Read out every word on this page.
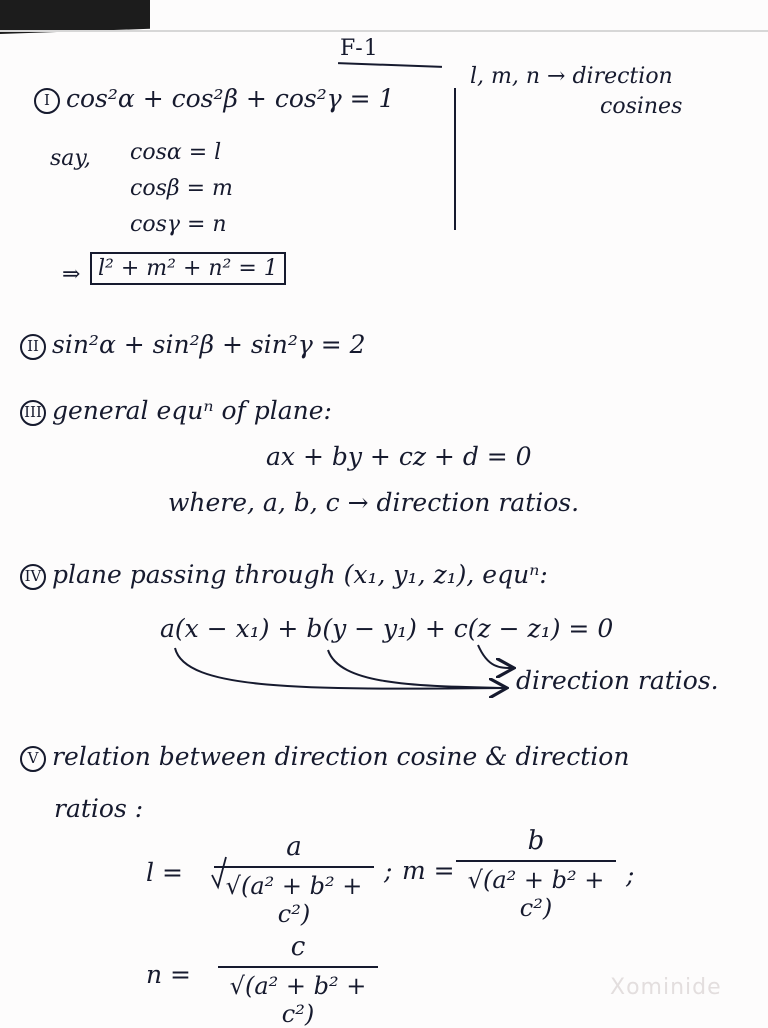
F-1
I cos²α + cos²β + cos²γ = 1
l, m, n → direction
cosines
say, cosα = l
cosβ = m
cosγ = n
⇒ l² + m² + n² = 1
II sin²α + sin²β + sin²γ = 2
III general equⁿ of plane:
ax + by + cz + d = 0
where, a, b, c → direction ratios.
IV plane passing through (x₁, y₁, z₁), equⁿ:
a(x − x₁) + b(y − y₁) + c(z − z₁) = 0
direction ratios.
V relation between direction cosine & direction
ratios :
l =
a
√(a² + b² + c²)
; m =
b
√(a² + b² + c²)
;
n =
c
√(a² + b² + c²)
Xominide
